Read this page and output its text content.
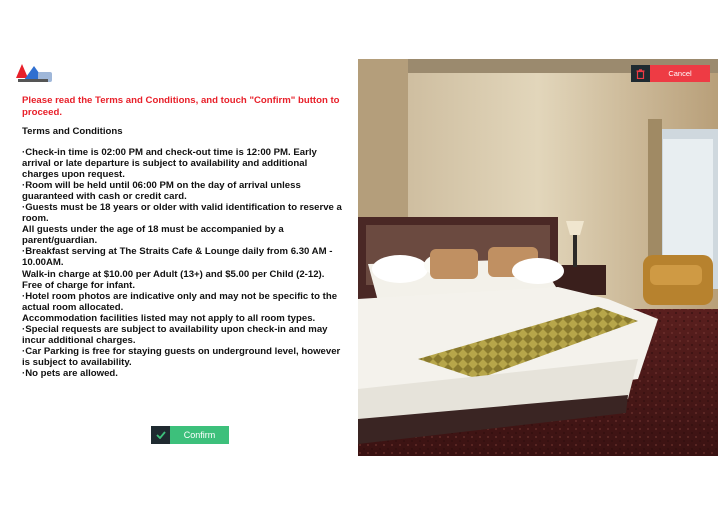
Please read the Terms and Conditions, and touch "Confirm" button to proceed.
Terms and Conditions
·Check-in time is 02:00 PM and check-out time is 12:00 PM. Early arrival or late departure is subject to availability and additional charges upon request.
·Room will be held until 06:00 PM on the day of arrival unless guaranteed with cash or credit card.
·Guests must be 18 years or older with valid identification to reserve a room.
All guests under the age of 18 must be accompanied by a parent/guardian.
·Breakfast serving at The Straits Cafe & Lounge daily from 6.30 AM - 10.00AM.
Walk-in charge at $10.00 per Adult (13+) and $5.00 per Child (2-12).
Free of charge for infant.
·Hotel room photos are indicative only and may not be specific to the actual room allocated.
Accommodation facilities listed may not apply to all room types.
·Special requests are subject to availability upon check-in and may incur additional charges.
·Car Parking is free for staying guests on underground level, however is subject to availability.
·No pets are allowed.
Confirm
Cancel
